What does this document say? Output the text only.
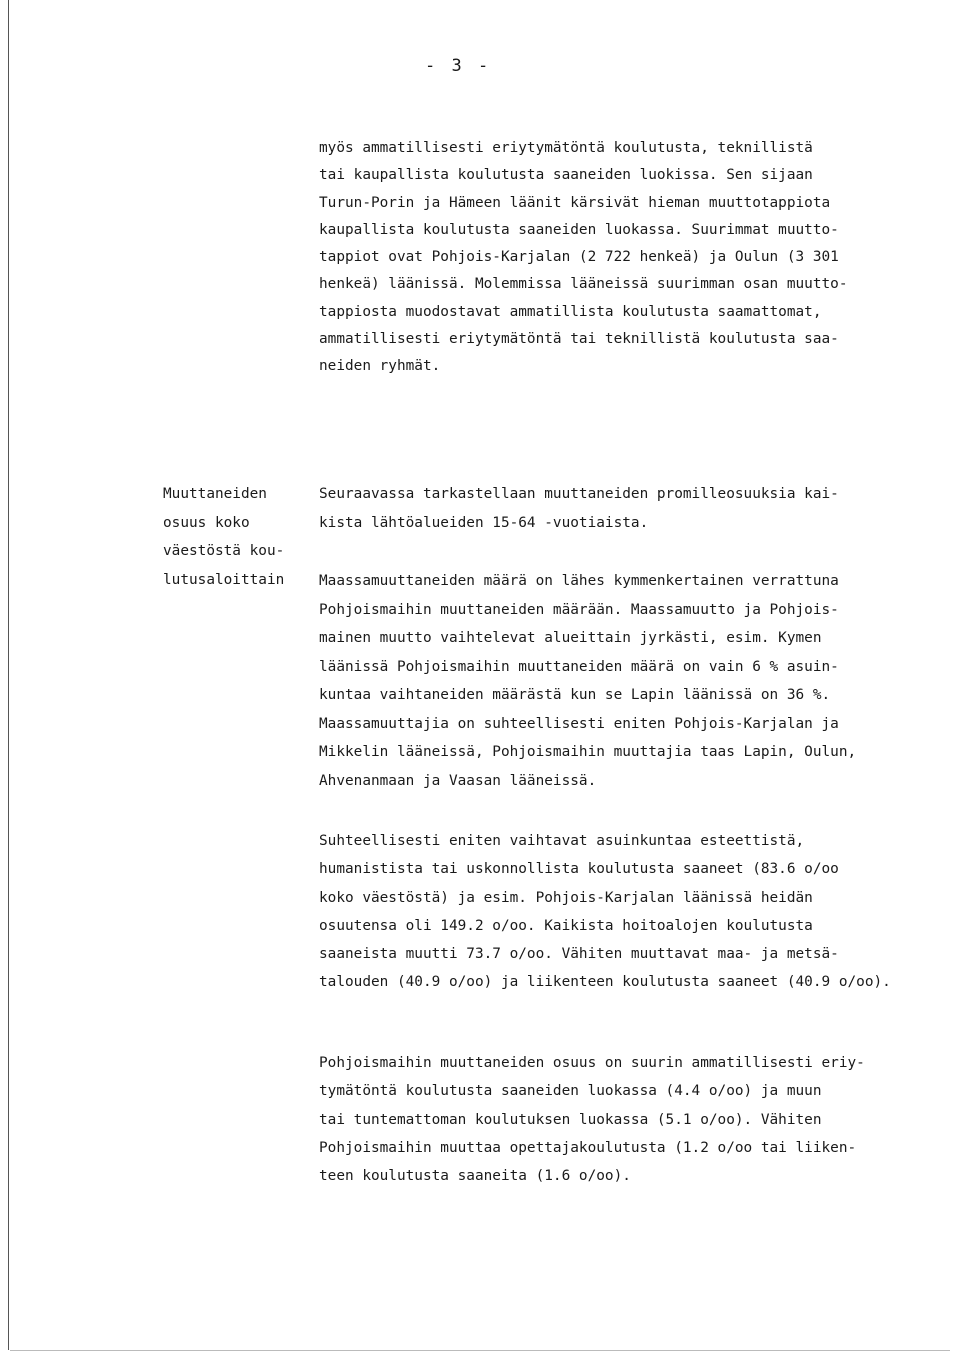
- 3 -
myös ammatillisesti eriytymätöntä koulutusta, teknillistä
tai kaupallista koulutusta saaneiden luokissa. Sen sijaan
Turun-Porin ja Hämeen läänit kärsivät hieman muuttotappiota
kaupallista koulutusta saaneiden luokassa. Suurimmat muutto-
tappiot ovat Pohjois-Karjalan (2 722 henkeä) ja Oulun (3 301
henkeä) läänissä. Molemmissa lääneissä suurimman osan muutto-
tappiosta muodostavat ammatillista koulutusta saamattomat,
ammatillisesti eriytymätöntä tai teknillistä koulutusta saa-
neiden ryhmät.
Muuttaneiden
osuus koko
väestöstä kou-
lutusaloittain
Seuraavassa tarkastellaan muuttaneiden promilleosuuksia kai-
kista lähtöalueiden 15-64 -vuotiaista.
Maassamuuttaneiden määrä on lähes kymmenkertainen verrattuna
Pohjoismaihin muuttaneiden määrään. Maassamuutto ja Pohjois-
mainen muutto vaihtelevat alueittain jyrkästi, esim. Kymen
läänissä Pohjoismaihin muuttaneiden määrä on vain 6 % asuin-
kuntaa vaihtaneiden määrästä kun se Lapin läänissä on 36 %.
Maassamuuttajia on suhteellisesti eniten Pohjois-Karjalan ja
Mikkelin lääneissä, Pohjoismaihin muuttajia taas Lapin, Oulun,
Ahvenanmaan ja Vaasan lääneissä.
Suhteellisesti eniten vaihtavat asuinkuntaa esteettistä,
humanistista tai uskonnollista koulutusta saaneet (83.6 o/oo
koko väestöstä) ja esim. Pohjois-Karjalan läänissä heidän
osuutensa oli 149.2 o/oo. Kaikista hoitoalojen koulutusta
saaneista muutti 73.7 o/oo. Vähiten muuttavat maa- ja metsä-
talouden (40.9 o/oo) ja liikenteen koulutusta saaneet (40.9 o/oo).
Pohjoismaihin muuttaneiden osuus on suurin ammatillisesti eriy-
tymätöntä koulutusta saaneiden luokassa (4.4 o/oo) ja muun
tai tuntemattoman koulutuksen luokassa (5.1 o/oo). Vähiten
Pohjoismaihin muuttaa opettajakoulutusta (1.2 o/oo tai liiken-
teen koulutusta saaneita (1.6 o/oo).
